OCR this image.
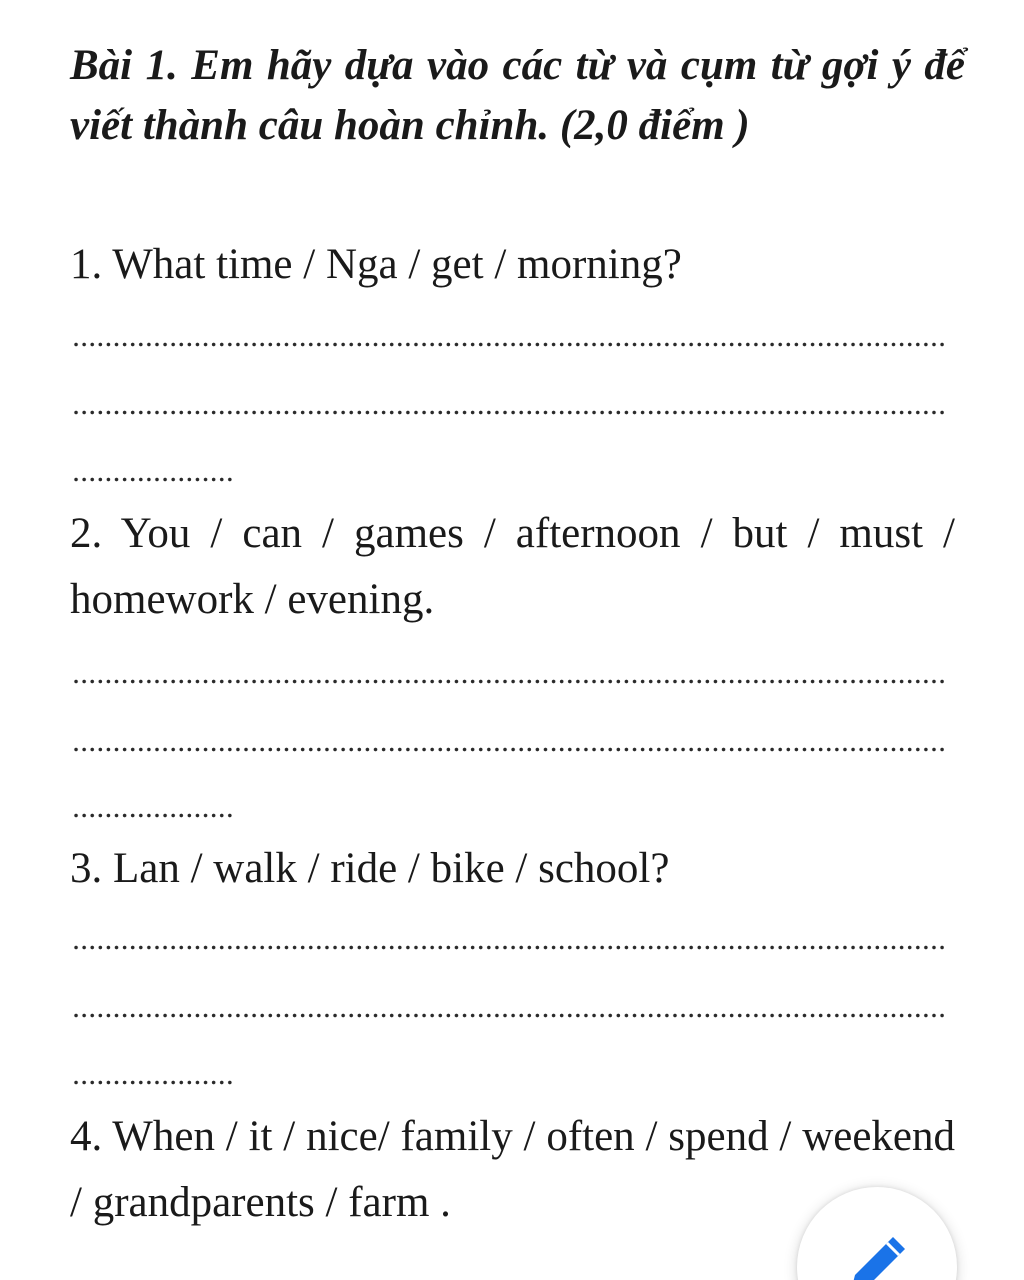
Bài 1. Em hãy dựa vào các từ và cụm từ gợi ý để viết thành câu hoàn chỉnh. (2,0 điểm )

1. What time / Nga / get / morning?

2. You / can / games / afternoon / but / must / homework / evening.

3. Lan / walk / ride / bike / school?

4. When / it / nice/ family / often / spend / weekend / grandparents / farm .
